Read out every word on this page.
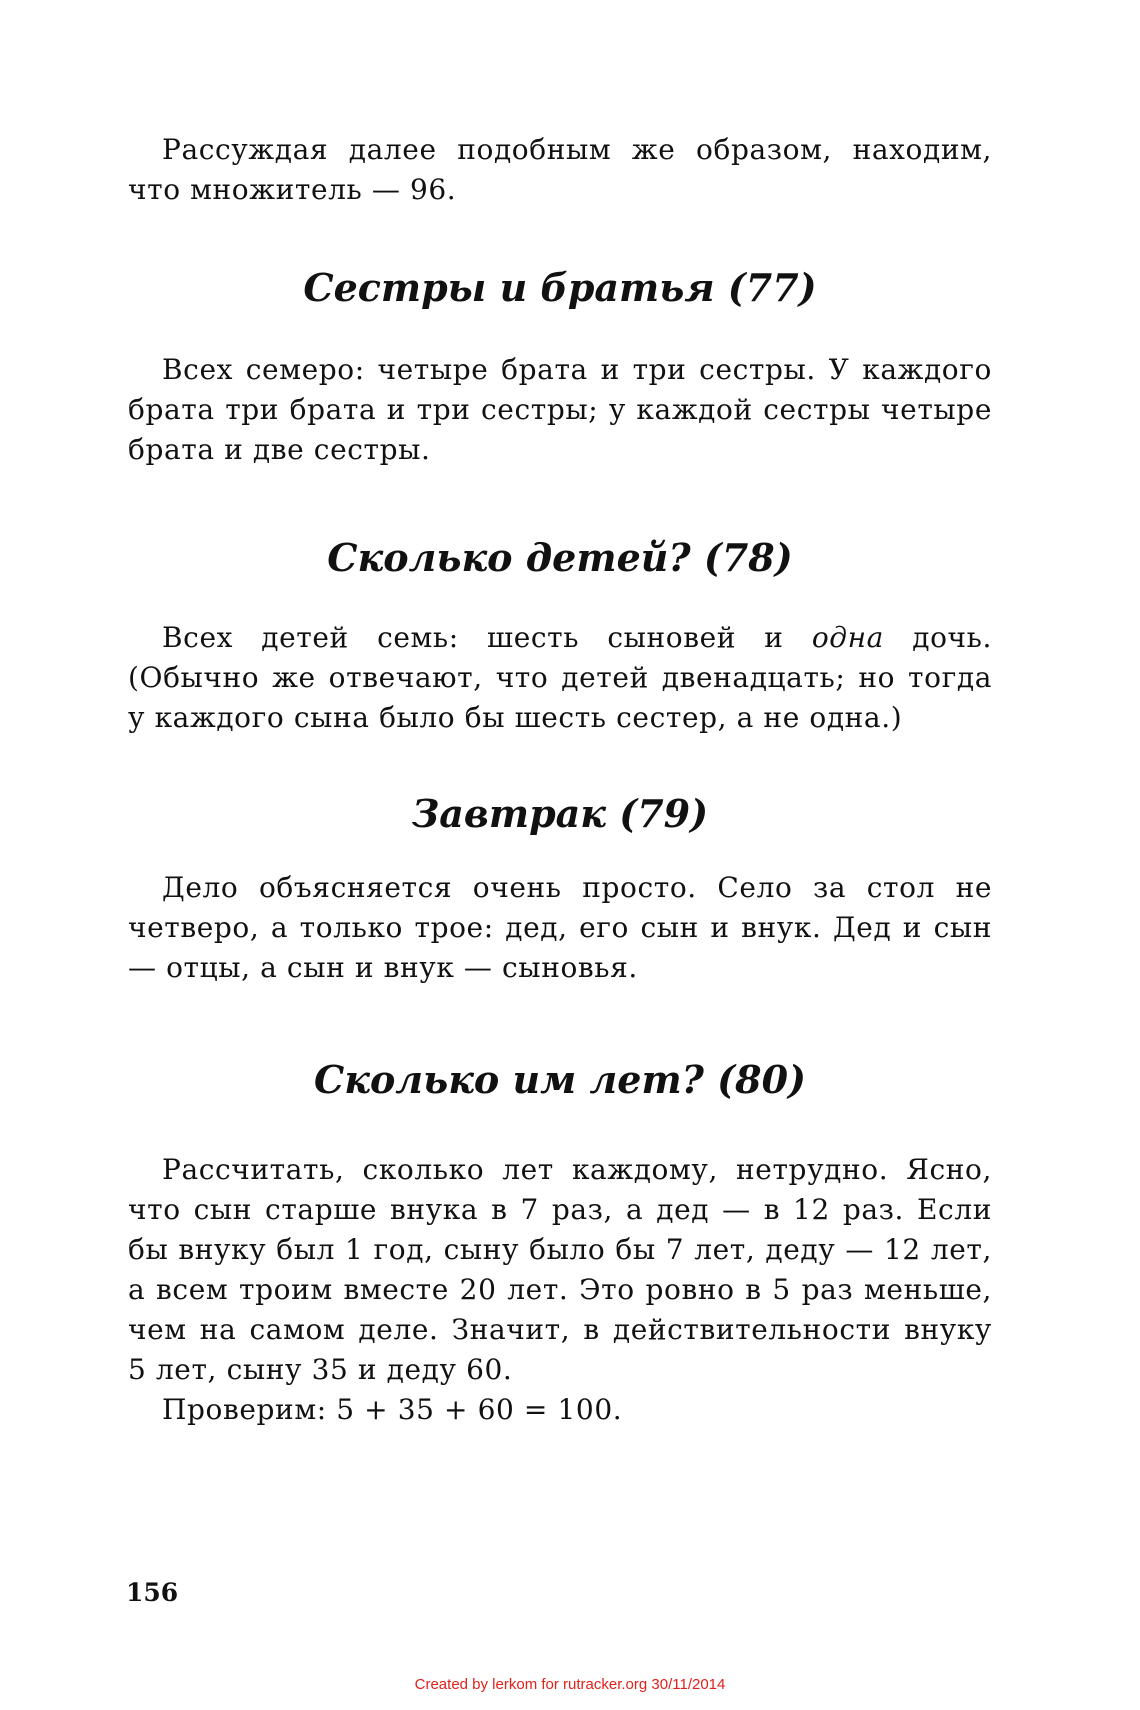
Рассуждая далее подобным же образом, находим, что множитель — 96.

Сестры и братья (77)

Всех семеро: четыре брата и три сестры. У каждого брата три брата и три сестры; у каждой сестры четыре брата и две сестры.

Сколько детей? (78)

Всех детей семь: шесть сыновей и одна дочь. (Обычно же отвечают, что детей двенадцать; но тогда у каждого сына было бы шесть сестер, а не одна.)

Завтрак (79)

Дело объясняется очень просто. Село за стол не четверо, а только трое: дед, его сын и внук. Дед и сын — отцы, а сын и внук — сыновья.

Сколько им лет? (80)

Рассчитать, сколько лет каждому, нетрудно. Ясно, что сын старше внука в 7 раз, а дед — в 12 раз. Если бы внуку был 1 год, сыну было бы 7 лет, деду — 12 лет, а всем троим вместе 20 лет. Это ровно в 5 раз меньше, чем на самом деле. Значит, в действительности внуку 5 лет, сыну 35 и деду 60.

Проверим: 5 + 35 + 60 = 100.

156

Created by lerkom for rutracker.org 30/11/2014
